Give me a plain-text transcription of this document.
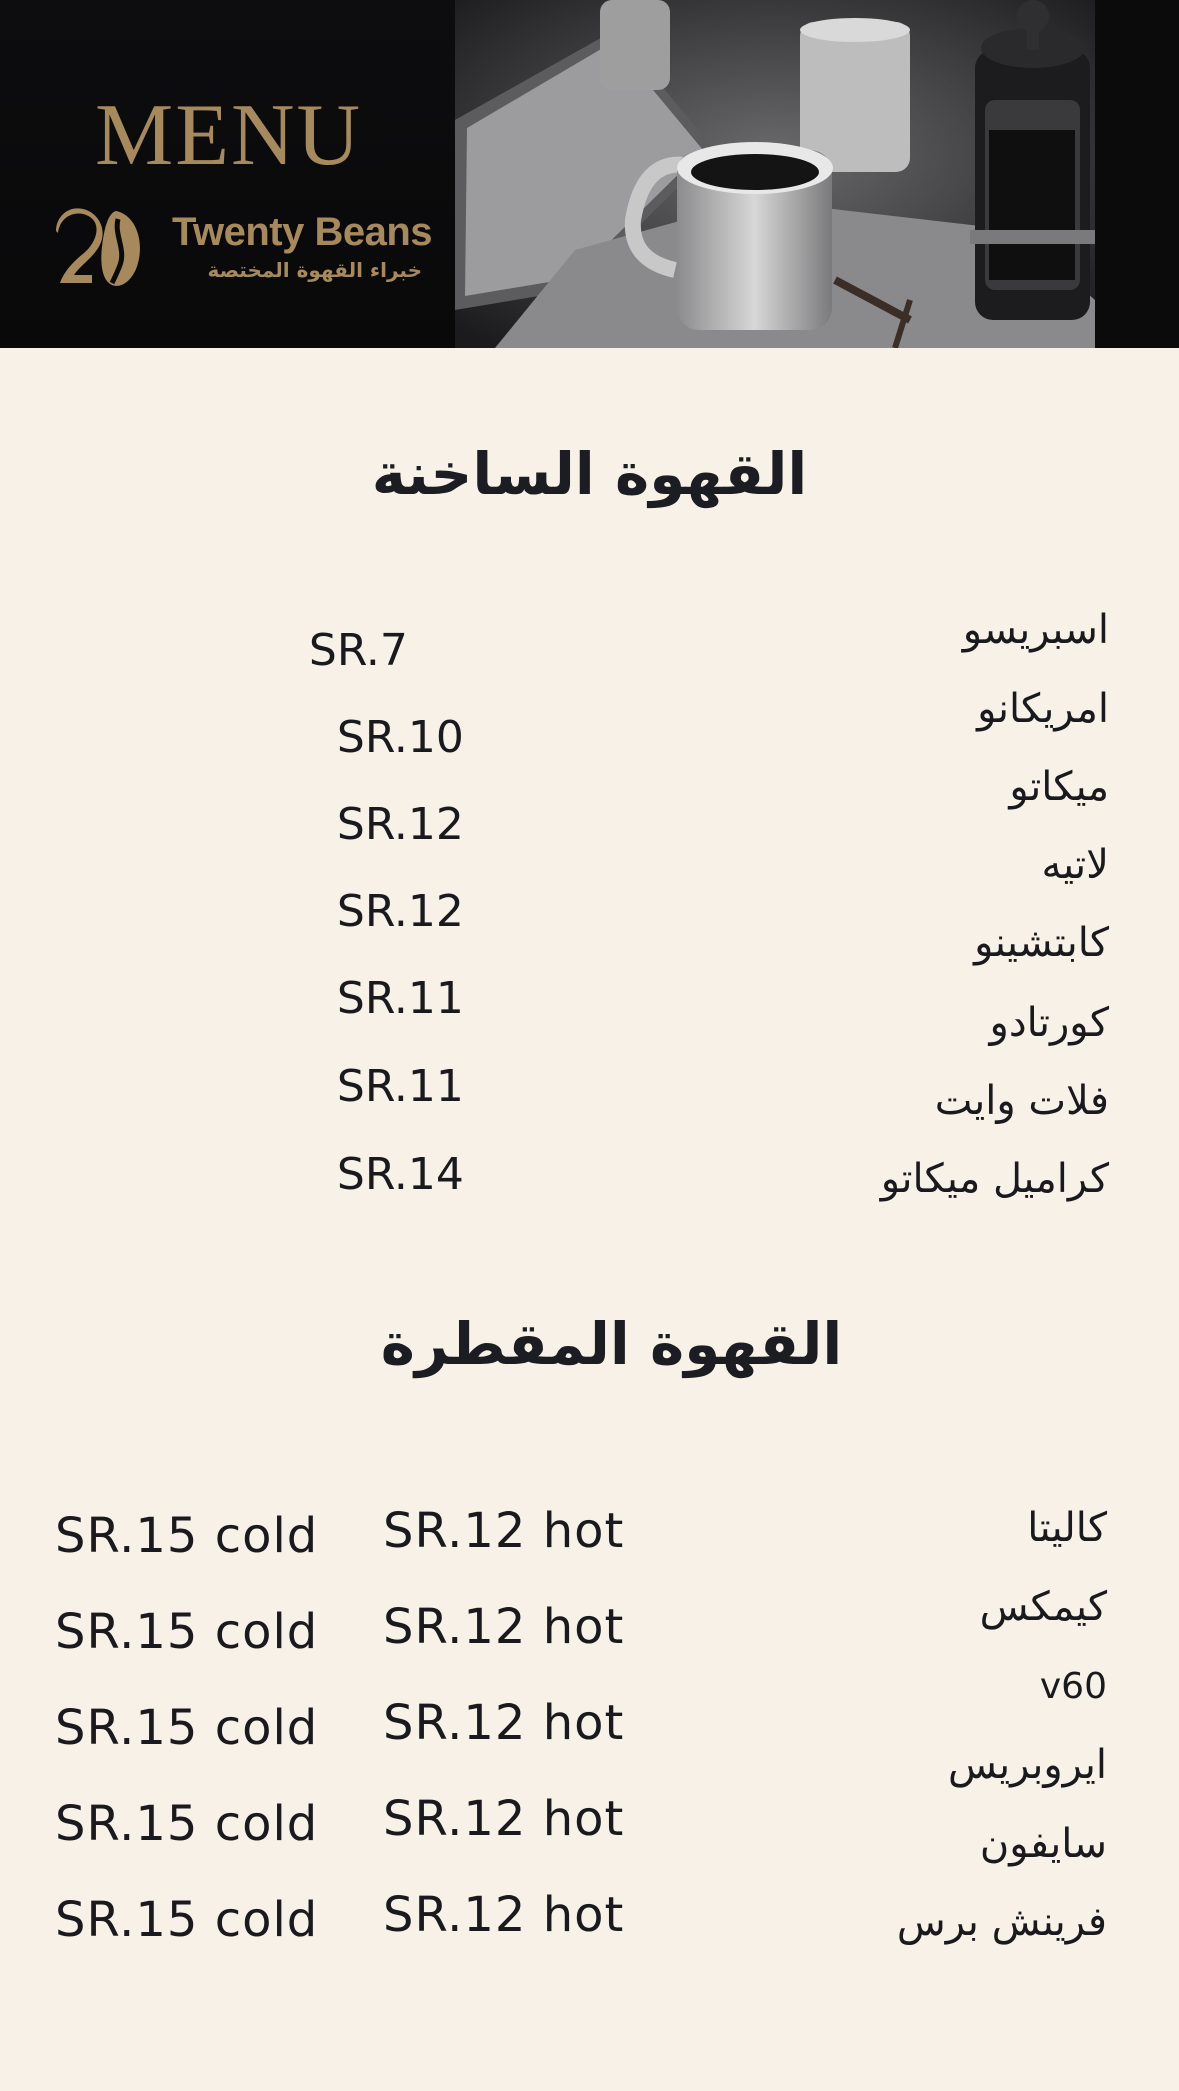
MENU
Twenty Beans
خبراء القهوة المختصة
القهوة الساخنة
اسبريسو
امريكانو
ميكاتو
لاتيه
كابتشينو
كورتادو
فلات وايت
كراميل ميكاتو
SR.7
SR.10
SR.12
SR.12
SR.11
SR.11
SR.14
القهوة المقطرة
كاليتا
كيمكس
v60
ايروبريس
سايفون
فرينش برس
SR.12 hot
SR.12 hot
SR.12 hot
SR.12 hot
SR.12 hot
SR.15 cold
SR.15 cold
SR.15 cold
SR.15 cold
SR.15 cold
